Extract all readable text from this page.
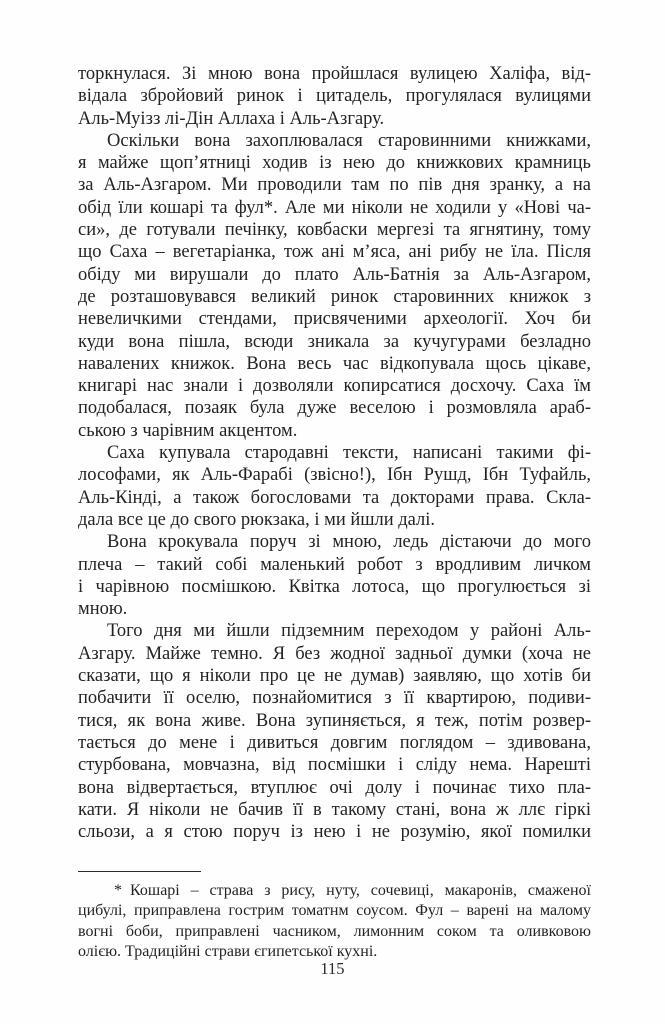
торкнулася. Зі мною вона пройшлася вулицею Халіфа, від-
відала збройовий ринок і цитадель, прогулялася вулицями
Аль-Муізз лі-Дін Аллаха і Аль-Азгару.
Оскільки вона захоплювалася старовинними книжками,
я майже щоп’ятниці ходив із нею до книжкових крамниць
за Аль-Азгаром. Ми проводили там по пів дня зранку, а на
обід їли кошарі та фул*. Але ми ніколи не ходили у «Нові ча-
си», де готували печінку, ковбаски мергезі та ягнятину, тому
що Саха – вегетаріанка, тож ані м’яса, ані рибу не їла. Після
обіду ми вирушали до плато Аль-Батнія за Аль-Азгаром,
де розташовувався великий ринок старовинних книжок з
невеличкими стендами, присвяченими археології. Хоч би
куди вона пішла, всюди зникала за кучугурами безладно
навалених книжок. Вона весь час відкопувала щось цікаве,
книгарі нас знали і дозволяли копирсатися досхочу. Саха їм
подобалася, позаяк була дуже веселою і розмовляла араб-
ською з чарівним акцентом.
Саха купувала стародавні тексти, написані такими фі-
лософами, як Аль-Фарабі (звісно!), Ібн Рушд, Ібн Туфайль,
Аль-Кінді, а також богословами та докторами права. Скла-
дала все це до свого рюкзака, і ми йшли далі.
Вона крокувала поруч зі мною, ледь дістаючи до мого
плеча – такий собі маленький робот з вродливим личком
і чарівною посмішкою. Квітка лотоса, що прогулюється зі
мною.
Того дня ми йшли підземним переходом у районі Аль-
Азгару. Майже темно. Я без жодної задньої думки (хоча не
сказати, що я ніколи про це не думав) заявляю, що хотів би
побачити її оселю, познайомитися з її квартирою, подиви-
тися, як вона живе. Вона зупиняється, я теж, потім розвер-
тається до мене і дивиться довгим поглядом – здивована,
стурбована, мовчазна, від посмішки і сліду нема. Нарешті
вона відвертається, втуплює очі долу і починає тихо пла-
кати. Я ніколи не бачив її в такому стані, вона ж ллє гіркі
сльози, а я стою поруч із нею і не розумію, якої помилки
* Кошарі – страва з рису, нуту, сочевиці, макаронів, смаженої
цибулі, приправлена гострим томатнм соусом. Фул – варені на малому
вогні боби, приправлені часником, лимонним соком та оливковою
олією. Традиційні страви єгипетської кухні.
115
